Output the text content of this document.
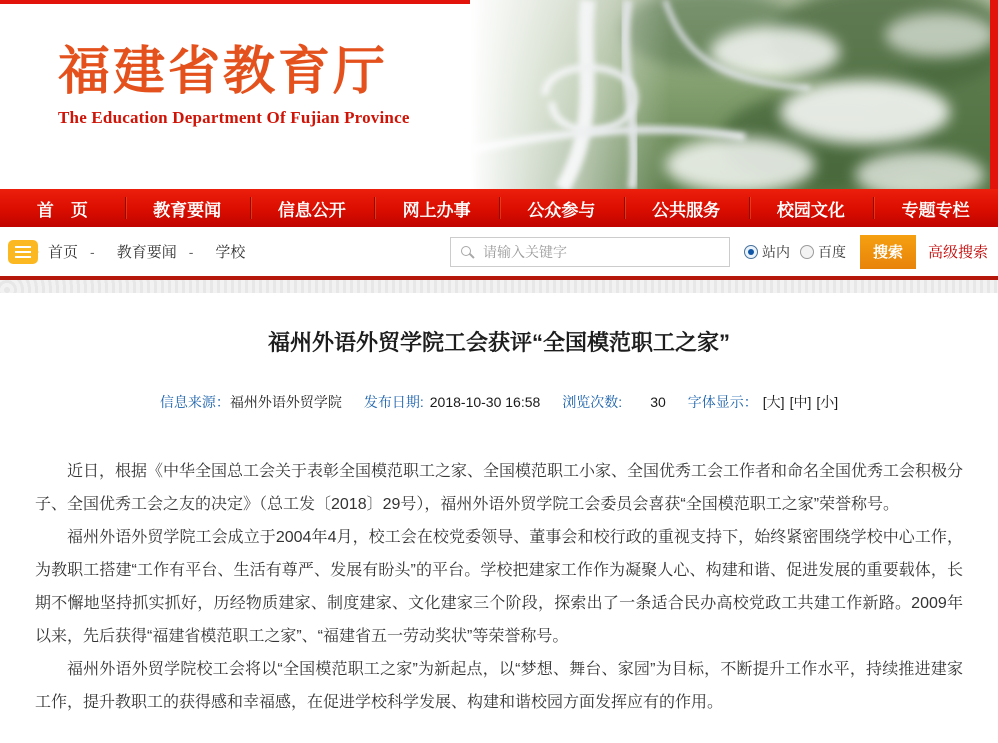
福建省教育厅
The Education Department Of Fujian Province
首　页	教育要闻	信息公开	网上办事	公众参与	公共服务	校园文化	专题专栏
首页 - 教育要闻 - 学校
请输入关键字	站内 百度	搜索	高级搜索
福州外语外贸学院工会获评“全国模范职工之家”
信息来源： 福州外语外贸学院 发布日期: 2018-10-30 16:58 浏览次数: 30 字体显示： [大] [中] [小]

近日，根据《中华全国总工会关于表彰全国模范职工之家、全国模范职工小家、全国优秀工会工作者和命名全国优秀工会积极分子、全国优秀工会之友的决定》（总工发〔2018〕29号），福州外语外贸学院工会委员会喜获“全国模范职工之家”荣誉称号。

福州外语外贸学院工会成立于2004年4月，校工会在校党委领导、董事会和校行政的重视支持下，始终紧密围绕学校中心工作，为教职工搭建“工作有平台、生活有尊严、发展有盼头”的平台。学校把建家工作作为凝聚人心、构建和谐、促进发展的重要载体，长期不懈地坚持抓实抓好，历经物质建家、制度建家、文化建家三个阶段，探索出了一条适合民办高校党政工共建工作新路。2009年以来，先后获得“福建省模范职工之家”、“福建省五一劳动奖状”等荣誉称号。

福州外语外贸学院校工会将以“全国模范职工之家”为新起点，以“梦想、舞台、家园”为目标，不断提升工作水平，持续推进建家工作，提升教职工的获得感和幸福感，在促进学校科学发展、构建和谐校园方面发挥应有的作用。
